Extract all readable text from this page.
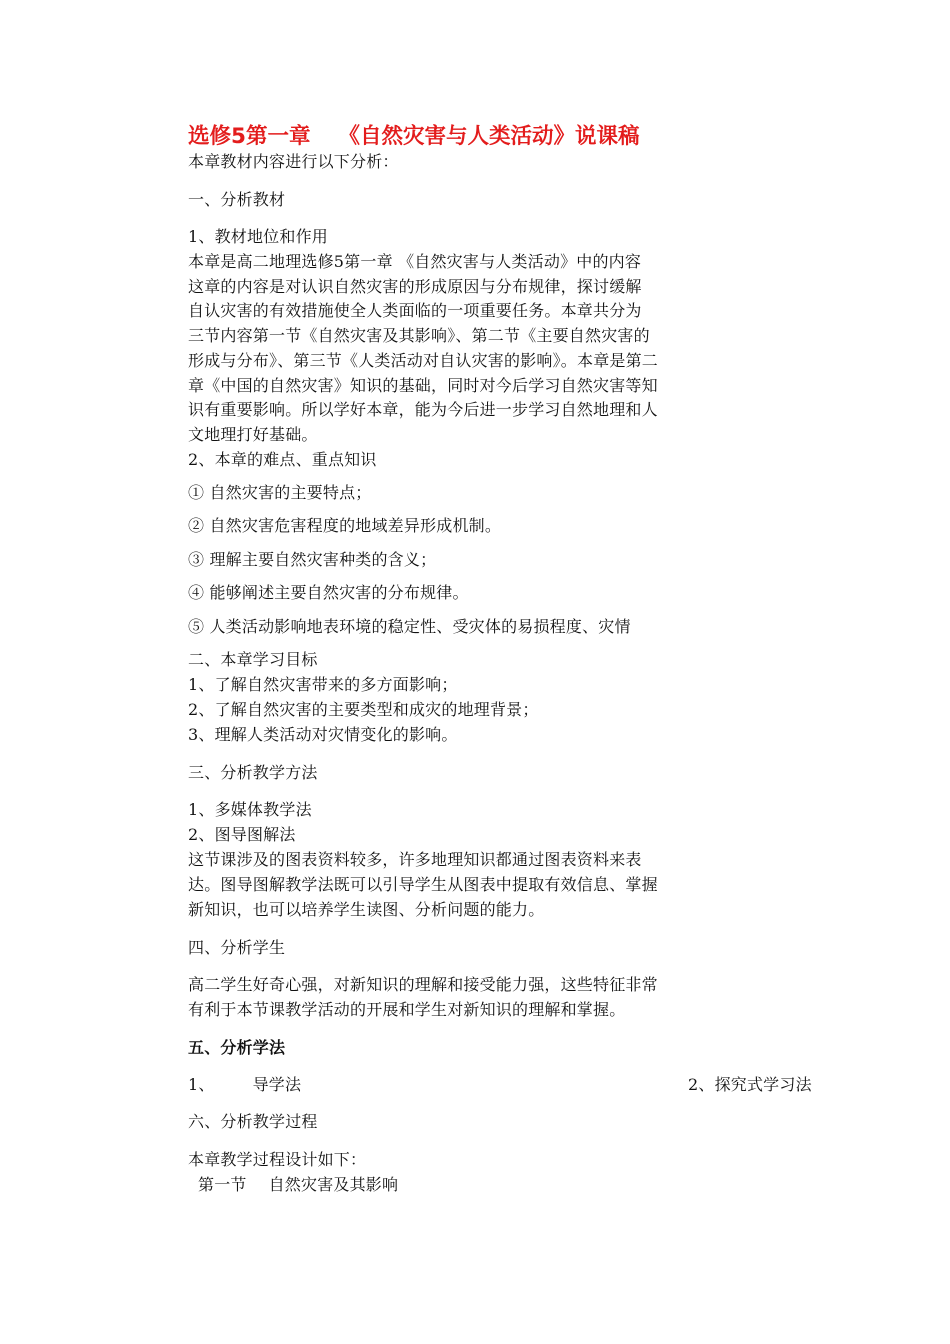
选修5第一章 《自然灾害与人类活动》说课稿
本章教材内容进行以下分析：
一、分析教材
1、教材地位和作用
本章是高二地理选修5第一章 《自然灾害与人类活动》中的内容
这章的内容是对认识自然灾害的形成原因与分布规律，探讨缓解
自认灾害的有效措施使全人类面临的一项重要任务。本章共分为
三节内容第一节《自然灾害及其影响》、第二节《主要自然灾害的
形成与分布》、第三节《人类活动对自认灾害的影响》。本章是第二
章《中国的自然灾害》知识的基础，同时对今后学习自然灾害等知
识有重要影响。所以学好本章，能为今后进一步学习自然地理和人
文地理打好基础。
2、本章的难点、重点知识
① 自然灾害的主要特点；
② 自然灾害危害程度的地域差异形成机制。
③ 理解主要自然灾害种类的含义；
④ 能够阐述主要自然灾害的分布规律。
⑤ 人类活动影响地表环境的稳定性、受灾体的易损程度、灾情
二、本章学习目标
1、了解自然灾害带来的多方面影响；
2、了解自然灾害的主要类型和成灾的地理背景；
3、理解人类活动对灾情变化的影响。
三、分析教学方法
1、多媒体教学法
2、图导图解法
这节课涉及的图表资料较多，许多地理知识都通过图表资料来表
达。图导图解教学法既可以引导学生从图表中提取有效信息、掌握
新知识，也可以培养学生读图、分析问题的能力。
四、分析学生
高二学生好奇心强，对新知识的理解和接受能力强，这些特征非常
有利于本节课教学活动的开展和学生对新知识的理解和掌握。
五、分析学法
1、 导学法	2、探究式学习法
六、分析教学过程
本章教学过程设计如下：
第一节 自然灾害及其影响
